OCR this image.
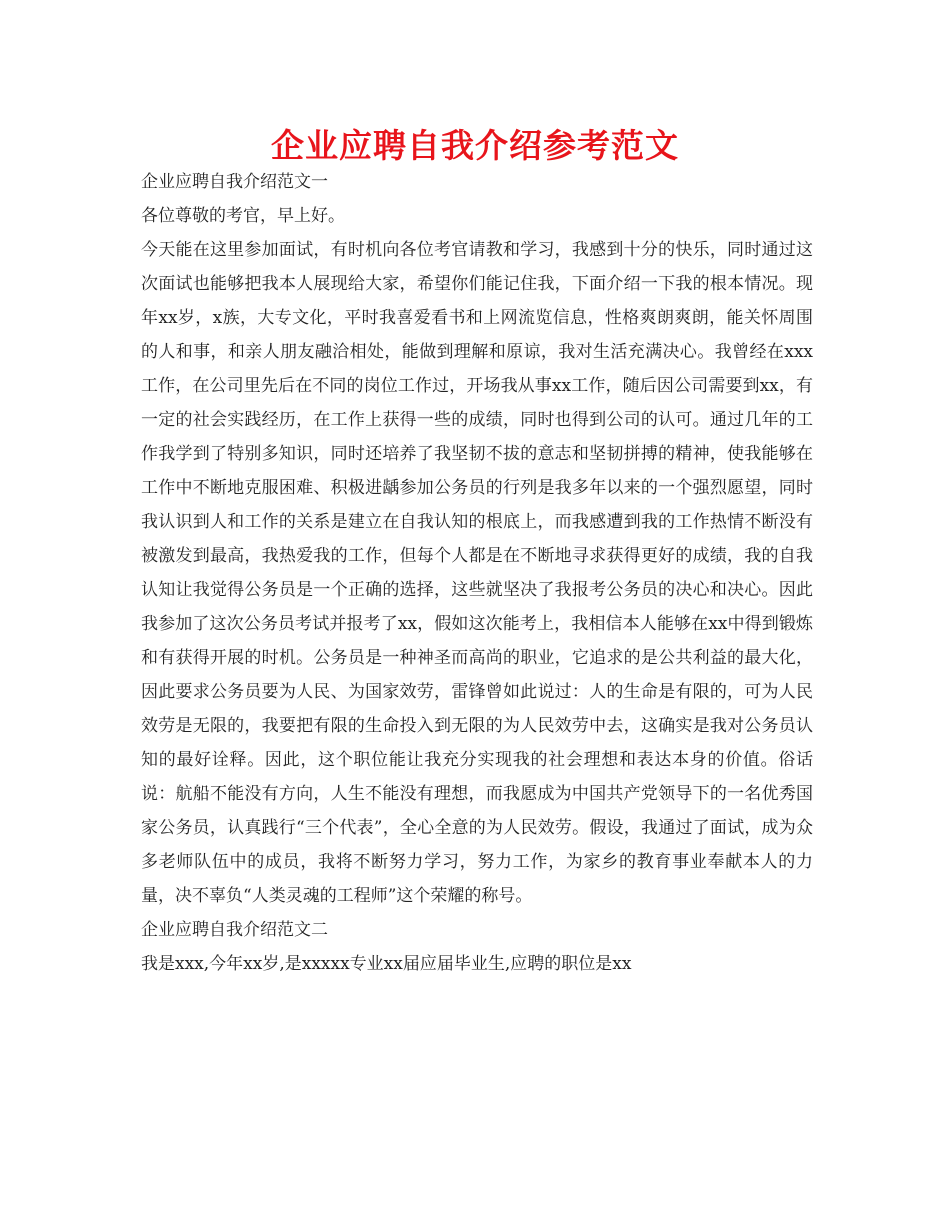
企业应聘自我介绍参考范文

企业应聘自我介绍范文一

各位尊敬的考官，早上好。

今天能在这里参加面试，有时机向各位考官请教和学习，我感到十分的快乐，同时通过这次面试也能够把我本人展现给大家，希望你们能记住我，下面介绍一下我的根本情况。现年xx岁，x族，大专文化，平时我喜爱看书和上网流览信息，性格爽朗爽朗，能关怀周围的人和事，和亲人朋友融洽相处，能做到理解和原谅，我对生活充满决心。我曾经在xxx工作，在公司里先后在不同的岗位工作过，开场我从事xx工作，随后因公司需要到xx，有一定的社会实践经历，在工作上获得一些的成绩，同时也得到公司的认可。通过几年的工作我学到了特别多知识，同时还培养了我坚韧不拔的意志和坚韧拼搏的精神，使我能够在工作中不断地克服困难、积极进龋参加公务员的行列是我多年以来的一个强烈愿望，同时我认识到人和工作的关系是建立在自我认知的根底上，而我感遭到我的工作热情不断没有被激发到最高，我热爱我的工作，但每个人都是在不断地寻求获得更好的成绩，我的自我认知让我觉得公务员是一个正确的选择，这些就坚决了我报考公务员的决心和决心。因此我参加了这次公务员考试并报考了xx，假如这次能考上，我相信本人能够在xx中得到锻炼和有获得开展的时机。公务员是一种神圣而高尚的职业，它追求的是公共利益的最大化，因此要求公务员要为人民、为国家效劳，雷锋曾如此说过：人的生命是有限的，可为人民效劳是无限的，我要把有限的生命投入到无限的为人民效劳中去，这确实是我对公务员认知的最好诠释。因此，这个职位能让我充分实现我的社会理想和表达本身的价值。俗话说：航船不能没有方向，人生不能没有理想，而我愿成为中国共产党领导下的一名优秀国家公务员，认真践行“三个代表”，全心全意的为人民效劳。假设，我通过了面试，成为众多老师队伍中的成员，我将不断努力学习，努力工作，为家乡的教育事业奉献本人的力量，决不辜负“人类灵魂的工程师”这个荣耀的称号。

企业应聘自我介绍范文二

我是xxx,今年xx岁,是xxxxx专业xx届应届毕业生,应聘的职位是xx
